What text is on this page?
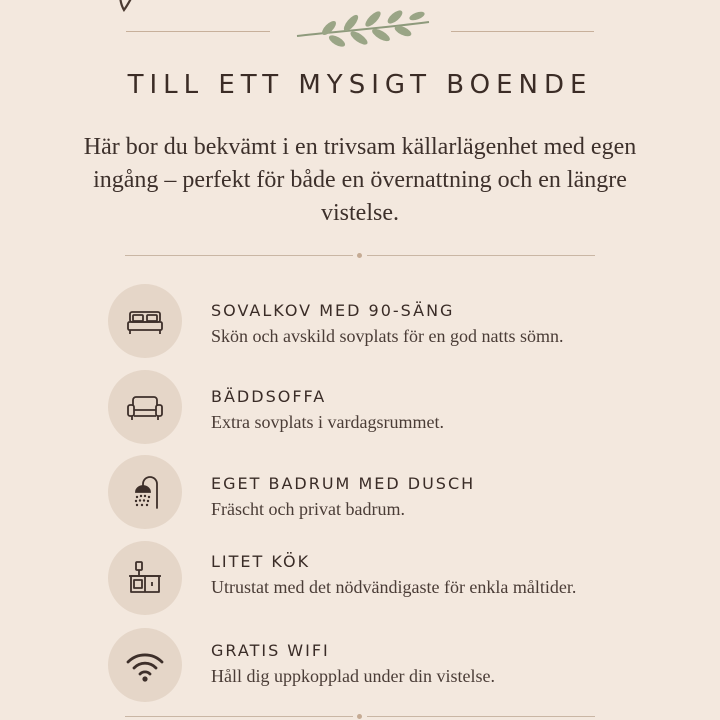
TILL ETT MYSIGT BOENDE
Här bor du bekvämt i en trivsam källarlägenhet med egen ingång – perfekt för både en övernattning och en längre vistelse.
SOVALKOV MED 90-SÄNG
Skön och avskild sovplats för en god natts sömn.
BÄDDSOFFA
Extra sovplats i vardagsrummet.
EGET BADRUM MED DUSCH
Fräscht och privat badrum.
LITET KÖK
Utrustat med det nödvändigaste för enkla måltider.
GRATIS WIFI
Håll dig uppkopplad under din vistelse.
